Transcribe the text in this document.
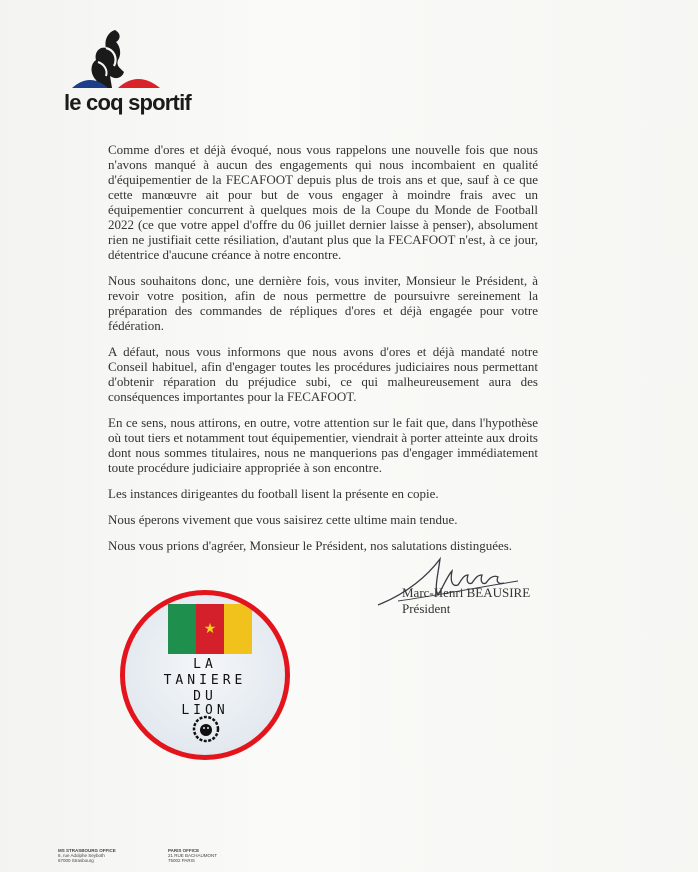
le coq sportif

Comme d'ores et déjà évoqué, nous vous rappelons une nouvelle fois que nous n'avons manqué à aucun des engagements qui nous incombaient en qualité d'équipementier de la FECAFOOT depuis plus de trois ans et que, sauf à ce que cette manœuvre ait pour but de vous engager à moindre frais avec un équipementier concurrent à quelques mois de la Coupe du Monde de Football 2022 (ce que votre appel d'offre du 06 juillet dernier laisse à penser), absolument rien ne justifiait cette résiliation, d'autant plus que la FECAFOOT n'est, à ce jour, détentrice d'aucune créance à notre encontre.

Nous souhaitons donc, une dernière fois, vous inviter, Monsieur le Président, à revoir votre position, afin de nous permettre de poursuivre sereinement la préparation des commandes de répliques d'ores et déjà engagée pour votre fédération.

A défaut, nous vous informons que nous avons d'ores et déjà mandaté notre Conseil habituel, afin d'engager toutes les procédures judiciaires nous permettant d'obtenir réparation du préjudice subi, ce qui malheureusement aura des conséquences importantes pour la FECAFOOT.

En ce sens, nous attirons, en outre, votre attention sur le fait que, dans l'hypothèse où tout tiers et notamment tout équipementier, viendrait à porter atteinte aux droits dont nous sommes titulaires, nous ne manquerions pas d'engager immédiatement toute procédure judiciaire appropriée à son encontre.

Les instances dirigeantes du football lisent la présente en copie.

Nous éperons vivement que vous saisirez cette ultime main tendue.

Nous vous prions d'agréer, Monsieur le Président, nos salutations distinguées.

Marc-Henri BEAUSIRE
Président
★
LA
TANIERE
DU
LION
MS STRASBOURG OFFICE
8, rue Adolphe Seyboth
67000 Strasbourg
PARIS OFFICE
21 RUE BACHAUMONT
75002 PARIS
